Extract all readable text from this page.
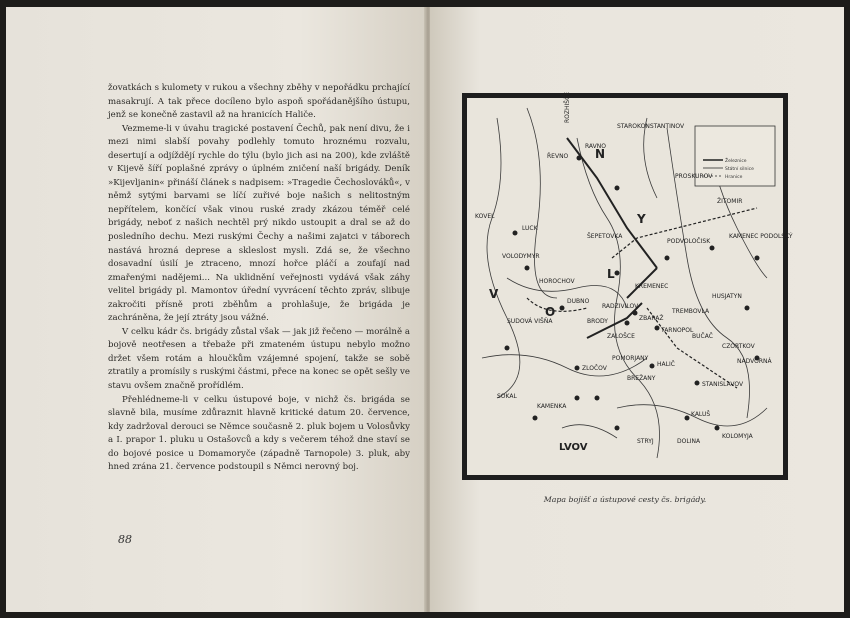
žovatkách s kulomety v rukou a všechny zběhy v nepořádku prchající masakrují. A tak přece docíleno bylo aspoň spořádanějšího ústupu, jenž se konečně zastavil až na hranicích Haliče.

Vezmeme-li v úvahu tragické postavení Čechů, pak není divu, že i mezi nimi slabší povahy podlehly tomuto hroznému rozvalu, desertují a odjíždějí rychle do týlu (bylo jich asi na 200), kde zvláště v Kijevě šíří poplašné zprávy o úplném zničení naší brigády. Deník »Kijevljanin« přináší článek s nadpisem: »Tragedie Čechoslováků«, v němž sytými barvami se líčí zuřivé boje našich s nelitostným nepřítelem, končící však vinou ruské zrady zkázou téměř celé brigády, neboť z našich nechtěl prý nikdo ustoupit a dral se až do posledního dechu. Mezi ruskými Čechy a našimi zajatci v táborech nastává hrozná deprese a skleslost mysli. Zdá se, že všechno dosavadní úsilí je ztraceno, mnozí hořce pláčí a zoufají nad zmařenými nadějemi... Na uklidnění veřejnosti vydává však záhy velitel brigády pl. Mamontov úřední vyvrácení těchto zpráv, slibuje zakročiti přísně proti zběhům a prohlašuje, že brigáda je zachráněna, že její ztráty jsou vážné.

V celku kádr čs. brigády zůstal však — jak již řečeno — morálně a bojově neotřesen a třebaže při zmateném ústupu nebylo možno držet všem rotám a hloučkům vzájemné spojení, takže se sobě ztratily a promísily s ruskými částmi, přece na konec se opět sešly ve stavu ovšem značně prořídlém.

Přehlédneme-li v celku ústupové boje, v nichž čs. brigáda se slavně bila, musíme zdůraznit hlavně kritické datum 20. července, kdy zadržoval derouci se Němce současně 2. pluk bojem u Volosůvky a I. prapor 1. pluku u Ostašovců a kdy s večerem téhož dne staví se do bojové posice u Domamoryče (západně Tarnopole) 3. pluk, aby hned zrána 21. července podstoupil s Němci nerovný boj.

88
Železnice
Státní silnice
Hranice
V
O
L
Y
N
ROZHIŠČE
RAVNO
LUCK
ŘEVNO
RADZIVILOV
KREMENEC
DUBNO
ZBARAŽ
TARNOPOL
ZALOŠCE
BRODY
ZLOČOV
BREŽANY
POMORJANY
HALIČ
STANISLAVOV
KALUŠ
DOLINA
NADVORNÁ
KOLOMYJA
STRYJ
LVOV
SOKAL
KAMENKA
KOVEL
VOLODYMYR
HUSJATYN
PODVOLOČISK
KAMENEC PODOLSKÝ
TREMBOVLA
BUČAČ
CZORTKOV
PROSKUROV
STAROKONSTANTINOV
ŽITOMIR
SUDOVÁ VIŠŇA
HOROCHOV
ŠEPETOVKA
Mapa bojišť a ústupové cesty čs. brigády.
